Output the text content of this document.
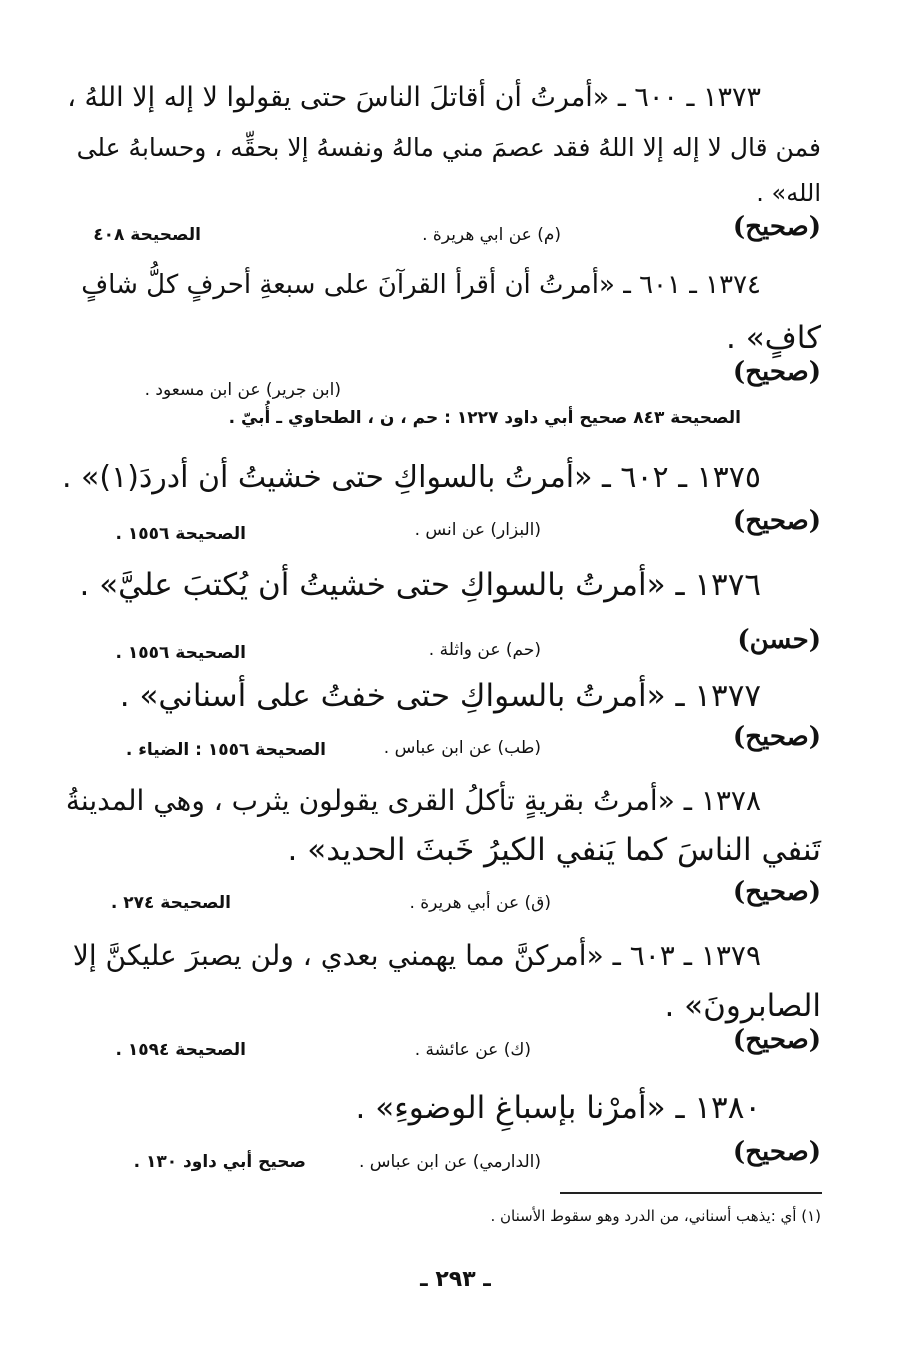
١٣٧٣ ـ ٦٠٠ ـ «أمرتُ أن أقاتلَ الناسَ حتى يقولوا لا إله إلا اللهُ ،
فمن قال لا إله إلا اللهُ فقد عصمَ مني مالهُ ونفسهُ إلا بحقِّه ، وحسابهُ على
الله» .
(صحيح)
(م) عن ابي هريرة .
الصحيحة ٤٠٨
١٣٧٤ ـ ٦٠١ ـ «أمرتُ أن أقرأ القرآنَ على سبعةِ أحرفٍ كلُّ شافٍ
كافٍ» .
(صحيح)
(ابن جرير) عن ابن مسعود .
الصحيحة ٨٤٣ صحيح أبي داود ١٢٢٧ : حم ، ن ، الطحاوي ـ أُبيّ .
١٣٧٥ ـ ٦٠٢ ـ «أمرتُ بالسواكِ حتى خشيتُ أن أدردَ(١)» .
(صحيح)
(البزار) عن انس .
الصحيحة ١٥٥٦ .
١٣٧٦ ـ «أمرتُ بالسواكِ حتى خشيتُ أن يُكتبَ عليَّ» .
(حسن)
(حم) عن واثلة .
الصحيحة ١٥٥٦ .
١٣٧٧ ـ «أمرتُ بالسواكِ حتى خفتُ على أسناني» .
(صحيح)
(طب) عن ابن عباس .
الصحيحة ١٥٥٦ : الضياء .
١٣٧٨ ـ «أمرتُ بقريةٍ تأكلُ القرى يقولون يثرب ، وهي المدينةُ
تَنفي الناسَ كما يَنفي الكيرُ خَبثَ الحديد» .
(صحيح)
(ق) عن أبي هريرة .
الصحيحة ٢٧٤ .
١٣٧٩ ـ ٦٠٣ ـ «أمركنَّ مما يهمني بعدي ، ولن يصبرَ عليكنَّ إلا
الصابرونَ» .
(صحيح)
(ك) عن عائشة .
الصحيحة ١٥٩٤ .
١٣٨٠ ـ «أمرْنا بإسباغِ الوضوءِ» .
(صحيح)
(الدارمي) عن ابن عباس .
صحيح أبي داود ١٣٠ .
(١) أي :يذهب أسناني، من الدرد وهو سقوط الأسنان .
ـ ٢٩٣ ـ
